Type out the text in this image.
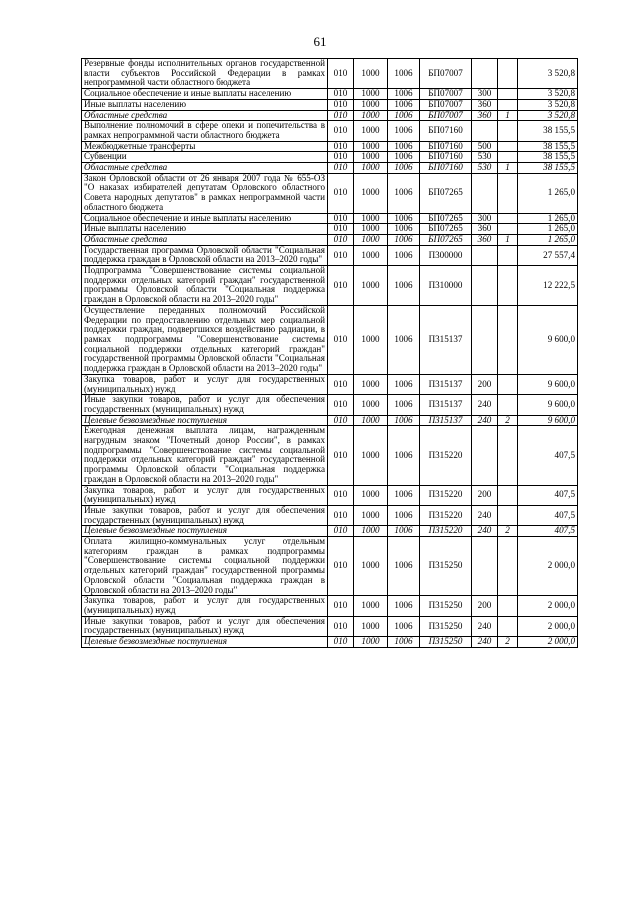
61
Резервные фонды исполнительных органов государственной власти субъектов Российской Федерации в рамках непрограммной части областного бюджета	010	1000	1006	БП07007			3 520,8
Социальное обеспечение и иные выплаты населению	010	1000	1006	БП07007	300		3 520,8
Иные выплаты населению	010	1000	1006	БП07007	360		3 520,8
Областные средства	010	1000	1006	БП07007	360	1	3 520,8
Выполнение полномочий в сфере опеки и попечительства в рамках непрограммной части областного бюджета	010	1000	1006	БП07160			38 155,5
Межбюджетные трансферты	010	1000	1006	БП07160	500		38 155,5
Субвенции	010	1000	1006	БП07160	530		38 155,5
Областные средства	010	1000	1006	БП07160	530	1	38 155,5
Закон Орловской области от 26 января 2007 года № 655-ОЗ "О наказах избирателей депутатам Орловского областного Совета народных депутатов" в рамках непрограммной части областного бюджета	010	1000	1006	БП07265			1 265,0
Социальное обеспечение и иные выплаты населению	010	1000	1006	БП07265	300		1 265,0
Иные выплаты населению	010	1000	1006	БП07265	360		1 265,0
Областные средства	010	1000	1006	БП07265	360	1	1 265,0
Государственная программа Орловской области "Социальная поддержка граждан в Орловской области на 2013–2020 годы"	010	1000	1006	П300000			27 557,4
Подпрограмма "Совершенствование системы социальной поддержки отдельных категорий граждан" государственной программы Орловской области "Социальная поддержка граждан в Орловской области на 2013–2020 годы"	010	1000	1006	П310000			12 222,5
Осуществление переданных полномочий Российской Федерации по предоставлению отдельных мер социальной поддержки граждан, подвергшихся воздействию радиации, в рамках подпрограммы "Совершенствование системы социальной поддержки отдельных категорий граждан" государственной программы Орловской области "Социальная поддержка граждан в Орловской области на 2013–2020 годы"	010	1000	1006	П315137			9 600,0
Закупка товаров, работ и услуг для государственных (муниципальных) нужд	010	1000	1006	П315137	200		9 600,0
Иные закупки товаров, работ и услуг для обеспечения государственных (муниципальных) нужд	010	1000	1006	П315137	240		9 600,0
Целевые безвозмездные поступления	010	1000	1006	П315137	240	2	9 600,0
Ежегодная денежная выплата лицам, награжденным нагрудным знаком "Почетный донор России", в рамках подпрограммы "Совершенствование системы социальной поддержки отдельных категорий граждан" государственной программы Орловской области "Социальная поддержка граждан в Орловской области на 2013–2020 годы"	010	1000	1006	П315220			407,5
Закупка товаров, работ и услуг для государственных (муниципальных) нужд	010	1000	1006	П315220	200		407,5
Иные закупки товаров, работ и услуг для обеспечения государственных (муниципальных) нужд	010	1000	1006	П315220	240		407,5
Целевые безвозмездные поступления	010	1000	1006	П315220	240	2	407,5
Оплата жилищно-коммунальных услуг отдельным категориям граждан в рамках подпрограммы "Совершенствование системы социальной поддержки отдельных категорий граждан" государственной программы Орловской области "Социальная поддержка граждан в Орловской области на 2013–2020 годы"	010	1000	1006	П315250			2 000,0
Закупка товаров, работ и услуг для государственных (муниципальных) нужд	010	1000	1006	П315250	200		2 000,0
Иные закупки товаров, работ и услуг для обеспечения государственных (муниципальных) нужд	010	1000	1006	П315250	240		2 000,0
Целевые безвозмездные поступления	010	1000	1006	П315250	240	2	2 000,0
